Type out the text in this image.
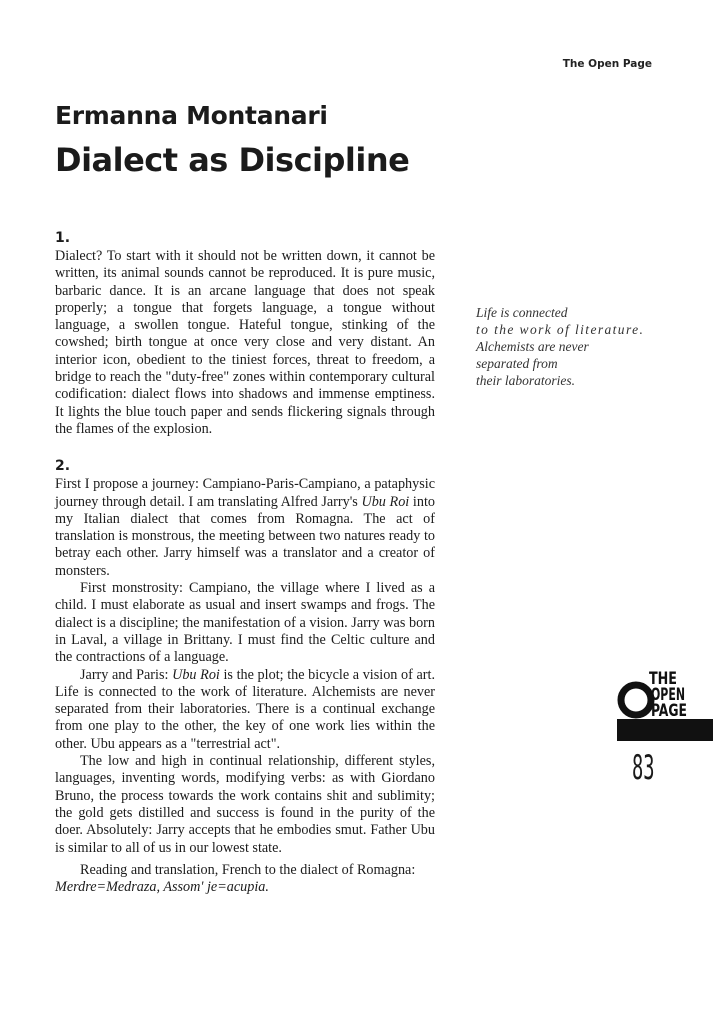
The Open Page
Ermanna Montanari
Dialect as Discipline
1.

Dialect? To start with it should not be written down, it cannot be written, its animal sounds cannot be reproduced. It is pure music, barbaric dance. It is an arcane language that does not speak properly; a tongue that forgets language, a tongue without language, a swollen tongue. Hateful tongue, stinking of the cowshed; birth tongue at once very close and very distant. An interior icon, obedient to the tiniest forces, threat to freedom, a bridge to reach the "duty-free" zones within contemporary cultural codification: dialect flows into shadows and immense emptiness. It lights the blue touch paper and sends flickering signals through the flames of the explosion.

2.

First I propose a journey: Campiano-Paris-Campiano, a pataphysic journey through detail. I am translating Alfred Jarry's Ubu Roi into my Italian dialect that comes from Romagna. The act of translation is monstrous, the meeting between two natures ready to betray each other. Jarry himself was a translator and a creator of monsters.

First monstrosity: Campiano, the village where I lived as a child. I must elaborate as usual and insert swamps and frogs. The dialect is a discipline; the manifestation of a vision. Jarry was born in Laval, a village in Brittany. I must find the Celtic culture and the contractions of a language.

Jarry and Paris: Ubu Roi is the plot; the bicycle a vision of art. Life is connected to the work of literature. Alchemists are never separated from their laboratories. There is a continual exchange from one play to the other, the key of one work lies within the other. Ubu appears as a "terrestrial act".

The low and high in continual relationship, different styles, languages, inventing words, modifying verbs: as with Giordano Bruno, the process towards the work contains shit and sublimity; the gold gets distilled and success is found in the purity of the doer. Absolutely: Jarry accepts that he embodies smut. Father Ubu is similar to all of us in our lowest state.

Reading and translation, French to the dialect of Romagna:
Merdre=Medraza, Assom' je=acupia.

Life is connected
to the work of literature.
Alchemists are never
separated from
their laboratories.
THE
OPEN
PAGE
83
